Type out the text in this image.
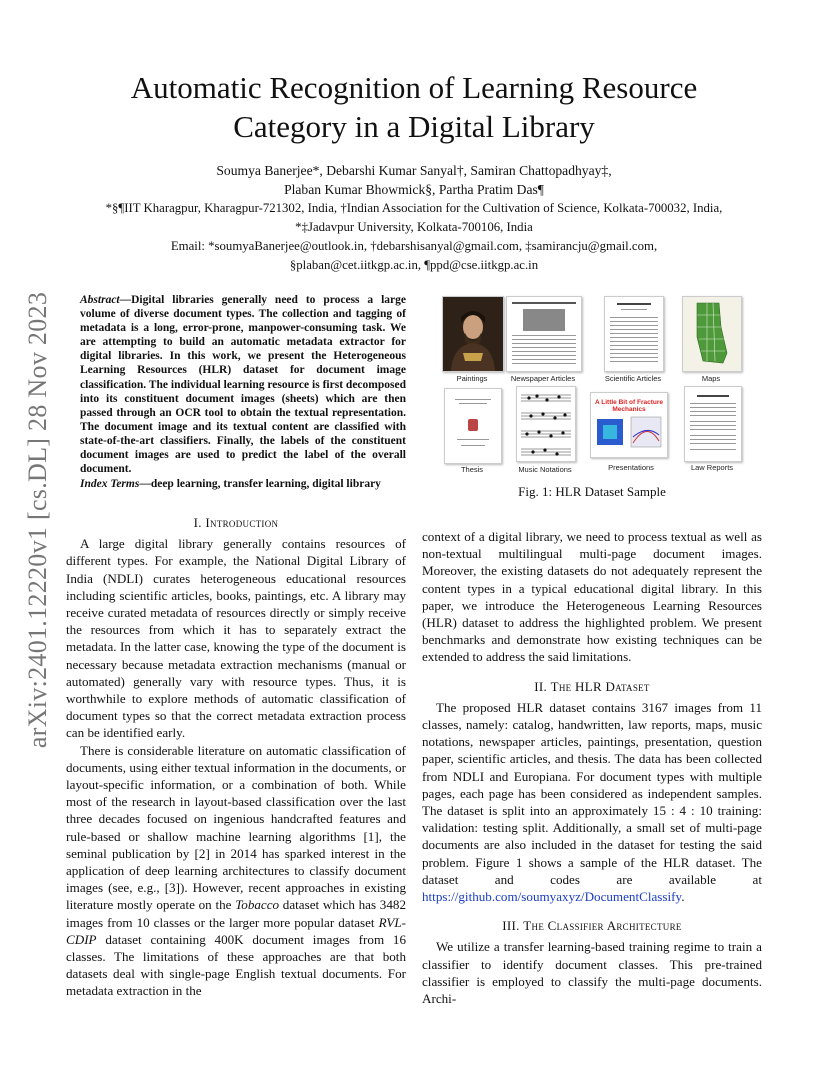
Automatic Recognition of Learning Resource
Category in a Digital Library
Soumya Banerjee*, Debarshi Kumar Sanyal†, Samiran Chattopadhyay‡,
Plaban Kumar Bhowmick§, Partha Pratim Das¶
*§¶IIT Kharagpur, Kharagpur-721302, India, †Indian Association for the Cultivation of Science, Kolkata-700032, India,
*‡Jadavpur University, Kolkata-700106, India
Email: *soumyaBanerjee@outlook.in, †debarshisanyal@gmail.com, ‡samirancju@gmail.com,
§plaban@cet.iitkgp.ac.in, ¶ppd@cse.iitkgp.ac.in
arXiv:2401.12220v1 [cs.DL] 28 Nov 2023 Abstract—Digital libraries generally need to process a large volume of diverse document types. The collection and tagging of metadata is a long, error-prone, manpower-consuming task. We are attempting to build an automatic metadata extractor for digital libraries. In this work, we present the Heterogeneous Learning Resources (HLR) dataset for document image classification. The individual learning resource is first decomposed into its constituent document images (sheets) which are then passed through an OCR tool to obtain the textual representation. The document image and its textual content are classified with state-of-the-art classifiers. Finally, the labels of the constituent document images are used to predict the label of the overall document.

Index Terms—deep learning, transfer learning, digital library

Paintings	Newspaper Articles	Scientific Articles	Maps
Thesis	Music Notations
A Little Bit of Fracture Mechanics
Presentations	Law Reports
Fig. 1: HLR Dataset Sample
I. Introduction

A large digital library generally contains resources of different types. For example, the National Digital Library of India (NDLI) curates heterogeneous educational resources including scientific articles, books, paintings, etc. A library may receive curated metadata of resources directly or simply receive the resources from which it has to separately extract the metadata. In the latter case, knowing the type of the document is necessary because metadata extraction mechanisms (manual or automated) generally vary with resource types. Thus, it is worthwhile to explore methods of automatic classification of document types so that the correct metadata extraction process can be identified early.

There is considerable literature on automatic classification of documents, using either textual information in the documents, or layout-specific information, or a combination of both. While most of the research in layout-based classification over the last three decades focused on ingenious handcrafted features and rule-based or shallow machine learning algorithms [1], the seminal publication by [2] in 2014 has sparked interest in the application of deep learning architectures to classify document images (see, e.g., [3]). However, recent approaches in existing literature mostly operate on the Tobacco dataset which has 3482 images from 10 classes or the larger more popular dataset RVL-CDIP dataset containing 400K document images from 16 classes. The limitations of these approaches are that both datasets deal with single-page English textual documents. For metadata extraction in the

context of a digital library, we need to process textual as well as non-textual multilingual multi-page document images. Moreover, the existing datasets do not adequately represent the content types in a typical educational digital library. In this paper, we introduce the Heterogeneous Learning Resources (HLR) dataset to address the highlighted problem. We present benchmarks and demonstrate how existing techniques can be extended to address the said limitations.

II. The HLR Dataset

The proposed HLR dataset contains 3167 images from 11 classes, namely: catalog, handwritten, law reports, maps, music notations, newspaper articles, paintings, presentation, question paper, scientific articles, and thesis. The data has been collected from NDLI and Europiana. For document types with multiple pages, each page has been considered as independent samples. The dataset is split into an approximately 15 : 4 : 10 training: validation: testing split. Additionally, a small set of multi-page documents are also included in the dataset for testing the said problem. Figure 1 shows a sample of the HLR dataset. The dataset and codes are available at https://github.com/soumyaxyz/DocumentClassify.

III. The Classifier Architecture

We utilize a transfer learning-based training regime to train a classifier to identify document classes. This pre-trained classifier is employed to classify the multi-page documents. Archi-
